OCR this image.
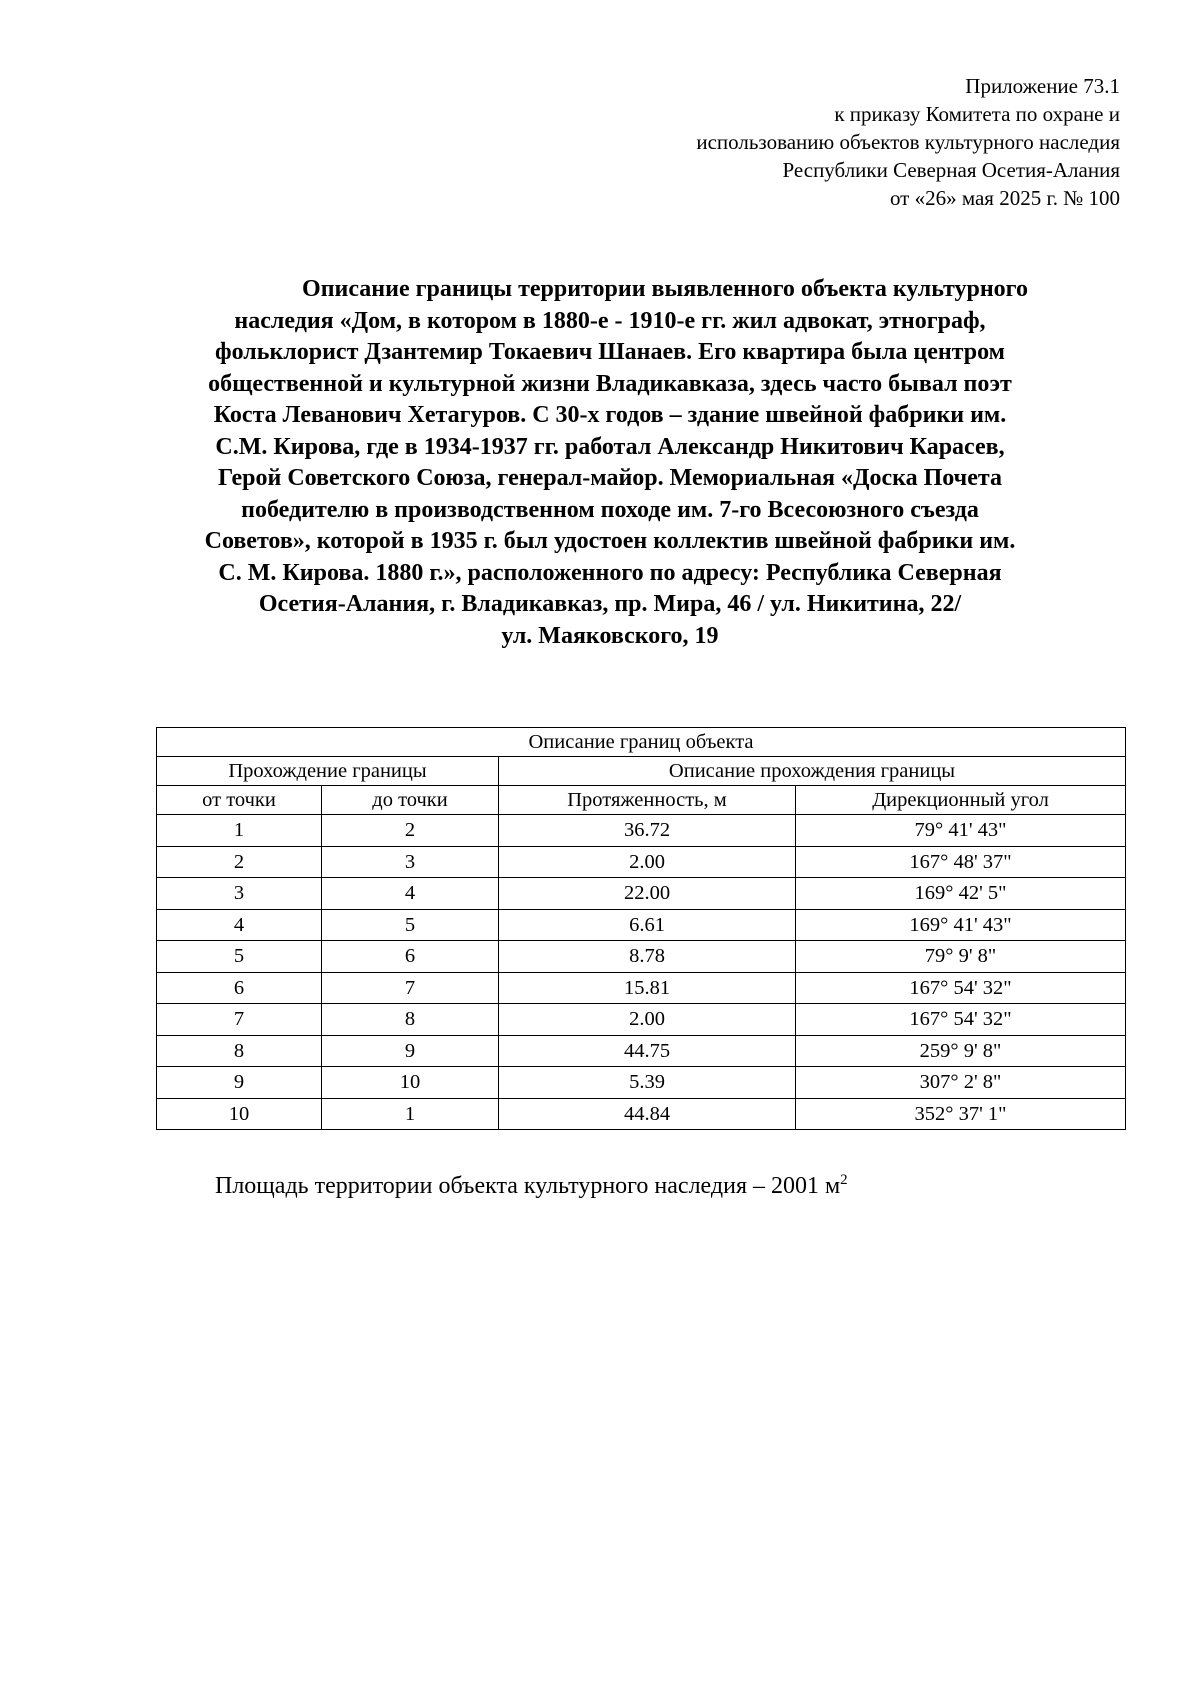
Приложение 73.1
к приказу Комитета по охране и
использованию объектов культурного наследия
Республики Северная Осетия-Алания
от «26» мая 2025 г. № 100
Описание границы территории выявленного объекта культурного
наследия «Дом, в котором в 1880-е - 1910-е гг. жил адвокат, этнограф,
фольклорист Дзантемир Токаевич Шанаев. Его квартира была центром
общественной и культурной жизни Владикавказа, здесь часто бывал поэт
Коста Леванович Хетагуров. С 30-х годов – здание швейной фабрики им.
С.М. Кирова, где в 1934-1937 гг. работал Александр Никитович Карасев,
Герой Советского Союза, генерал-майор. Мемориальная «Доска Почета
победителю в производственном походе им. 7-го Всесоюзного съезда
Советов», которой в 1935 г. был удостоен коллектив швейной фабрики им.
С. М. Кирова. 1880 г.», расположенного по адресу: Республика Северная
Осетия-Алания, г. Владикавказ, пр. Мира, 46 / ул. Никитина, 22/
ул. Маяковского, 19
Описание границ объекта			
Прохождение границы		Описание прохождения границы	
от точки	до точки	Протяженность, м	Дирекционный угол
1	2	36.72	79° 41' 43"
2	3	2.00	167° 48' 37"
3	4	22.00	169° 42' 5"
4	5	6.61	169° 41' 43"
5	6	8.78	79° 9' 8"
6	7	15.81	167° 54' 32"
7	8	2.00	167° 54' 32"
8	9	44.75	259° 9' 8"
9	10	5.39	307° 2' 8"
10	1	44.84	352° 37' 1"
Площадь территории объекта культурного наследия – 2001 $м^2$
